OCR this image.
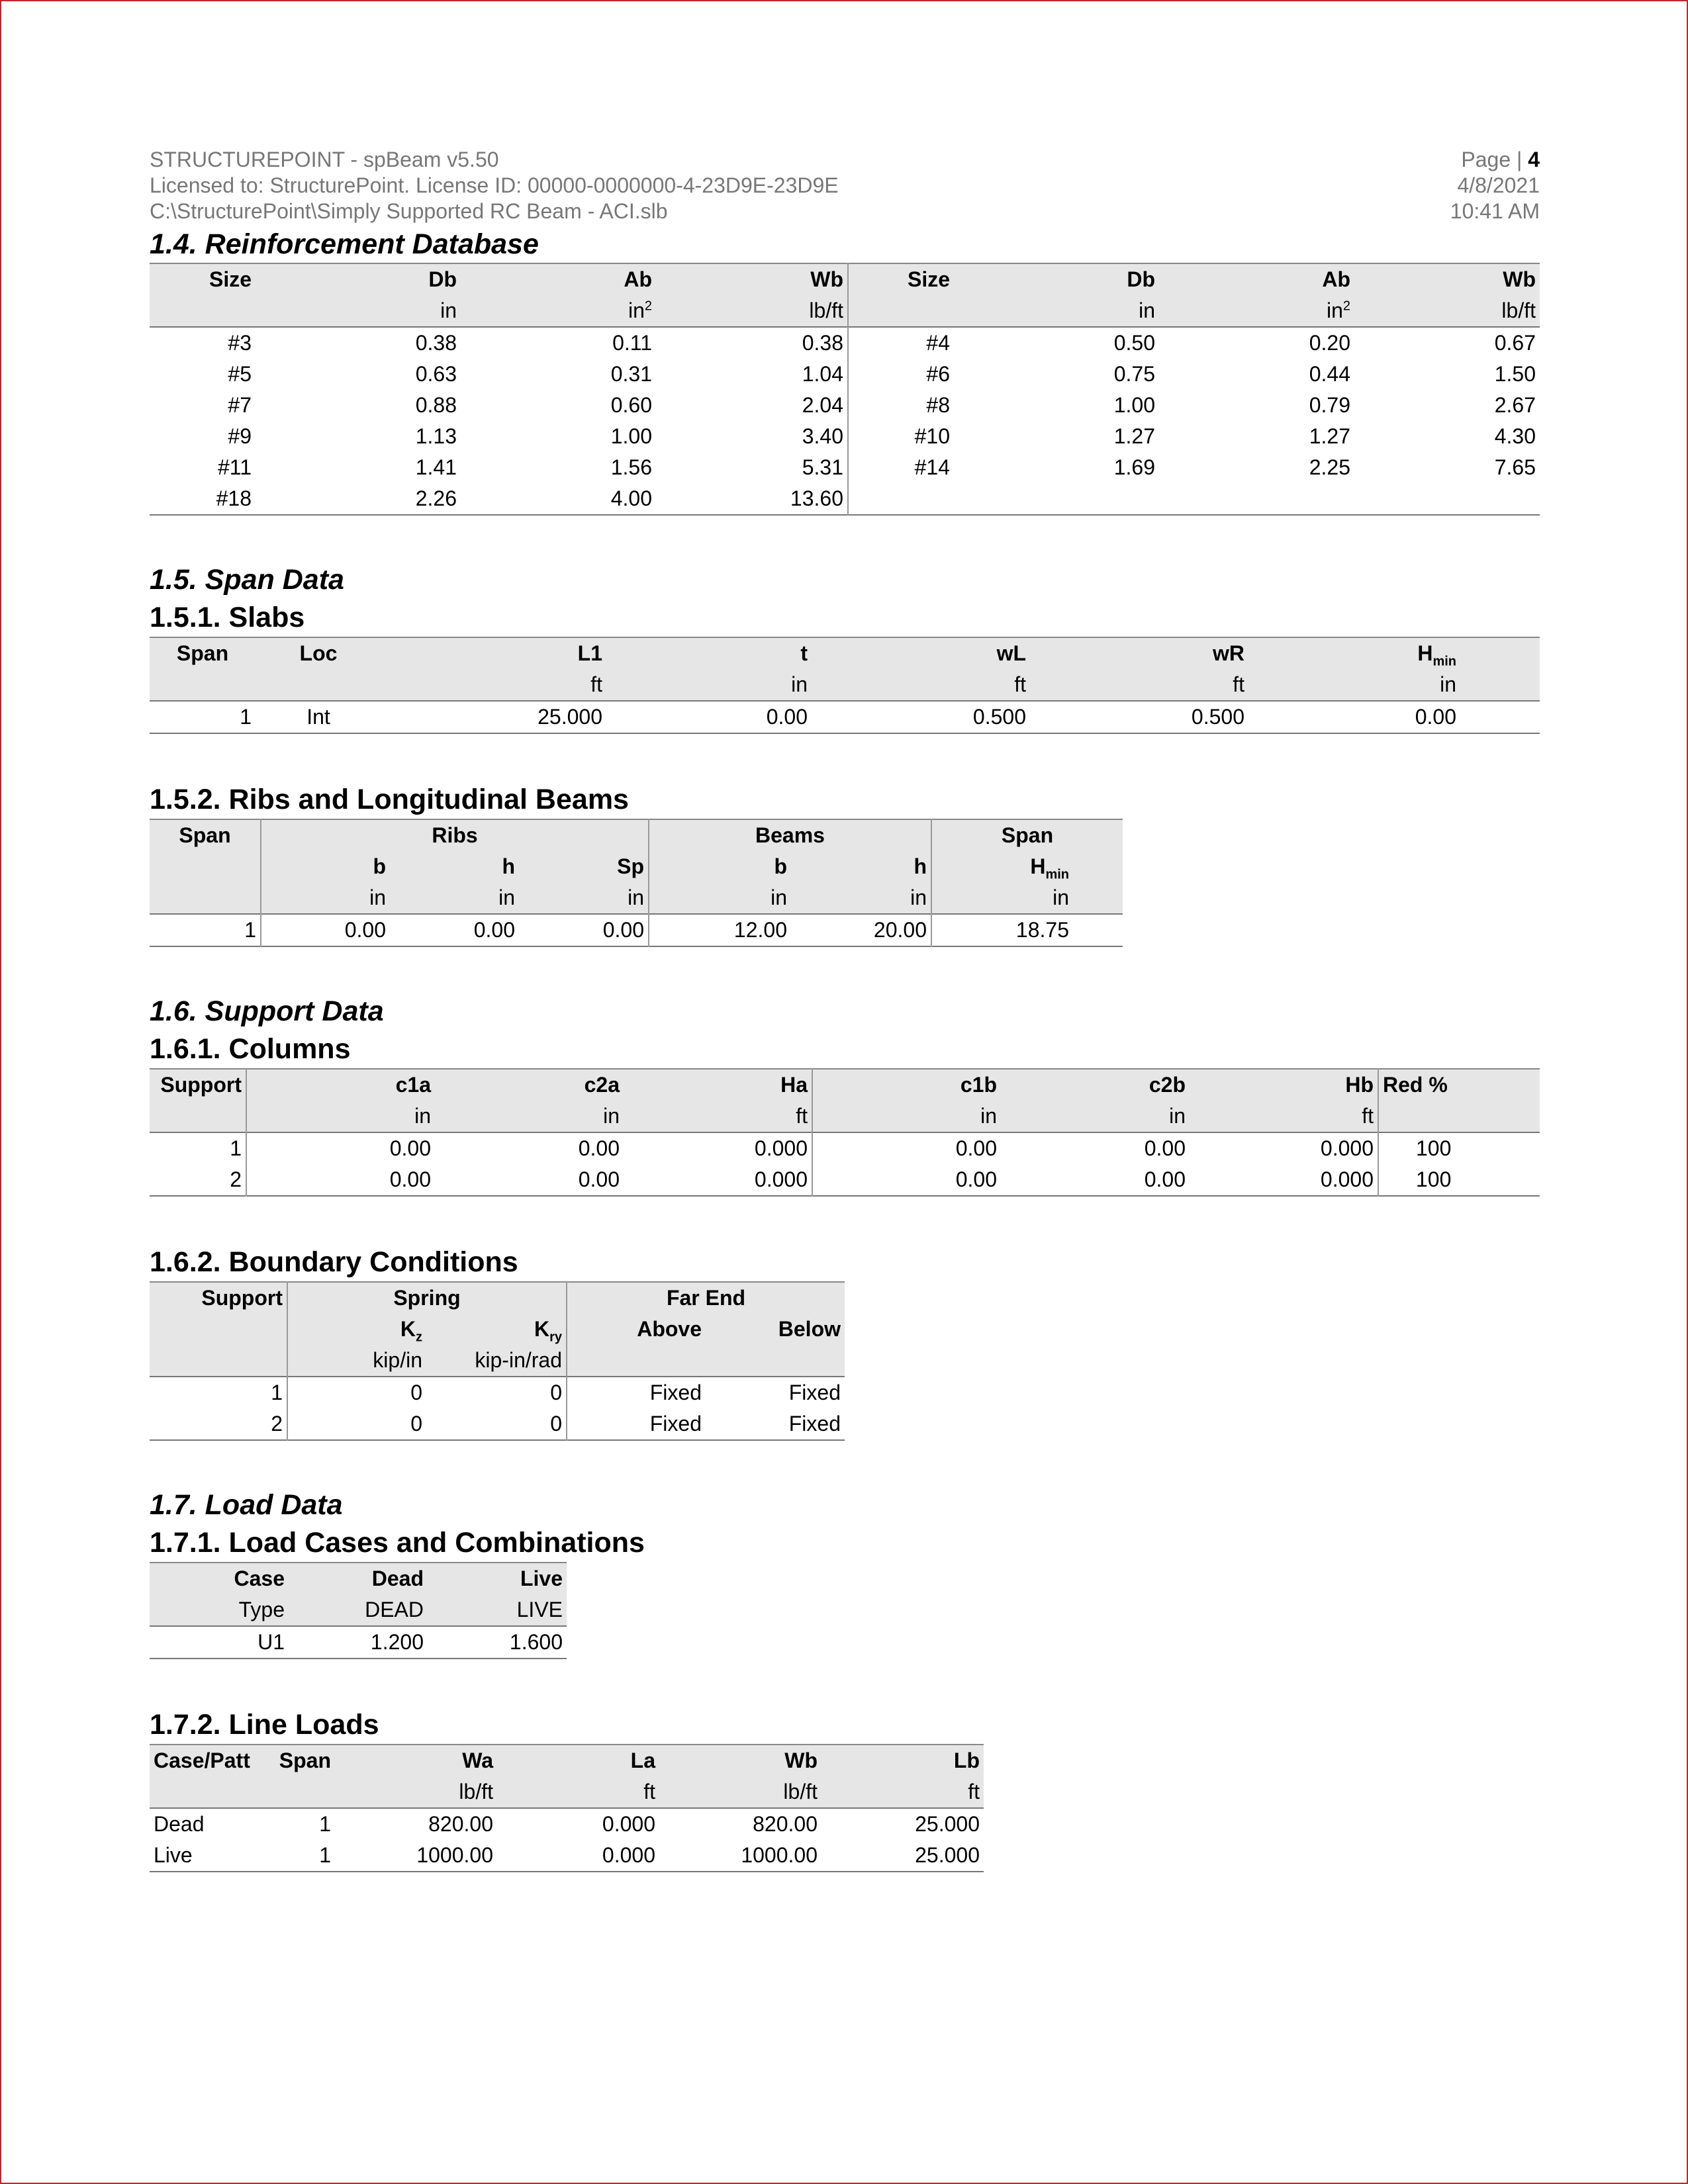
STRUCTUREPOINT - spBeam v5.50
Licensed to: StructurePoint. License ID: 00000-0000000-4-23D9E-23D9E
C:\StructurePoint\Simply Supported RC Beam - ACI.slb
Page | 4
4/8/2021
10:41 AM
1.4. Reinforcement Database
Size	Db	Ab	Wb	Size	Db	Ab	Wb
	in	$in^2$	lb/ft		in	$in^2$	lb/ft
#3	0.38	0.11	0.38	#4	0.50	0.20	0.67
#5	0.63	0.31	1.04	#6	0.75	0.44	1.50
#7	0.88	0.60	2.04	#8	1.00	0.79	2.67
#9	1.13	1.00	3.40	#10	1.27	1.27	4.30
#11	1.41	1.56	5.31	#14	1.69	2.25	7.65
#18	2.26	4.00	13.60				
1.5. Span Data
1.5.1. Slabs
Span	Loc	L1	t	wL	wR	$H_{min}$	
		ft	in	ft	ft	in	
1	Int	25.000	0.00	0.500	0.500	0.00	
1.5.2. Ribs and Longitudinal Beams
Span	Ribs			Beams		Span	
	b	h	Sp	b	h	$H_{min}$	
	in	in	in	in	in	in	
1	0.00	0.00	0.00	12.00	20.00	18.75	
1.6. Support Data
1.6.1. Columns
Support	c1a	c2a	Ha	c1b	c2b	Hb	Red %
	in	in	ft	in	in	ft	
1	0.00	0.00	0.000	0.00	0.00	0.000	100
2	0.00	0.00	0.000	0.00	0.00	0.000	100
1.6.2. Boundary Conditions
Support	Spring		Far End	
	$K_z$	$K_{ry}$	Above	Below
	kip/in	kip-in/rad		
1	0	0	Fixed	Fixed
2	0	0	Fixed	Fixed
1.7. Load Data
1.7.1. Load Cases and Combinations
Case	Dead	Live
Type	DEAD	LIVE
U1	1.200	1.600
1.7.2. Line Loads
Case/Patt	Span	Wa	La	Wb	Lb
		lb/ft	ft	lb/ft	ft
Dead	1	820.00	0.000	820.00	25.000
Live	1	1000.00	0.000	1000.00	25.000
